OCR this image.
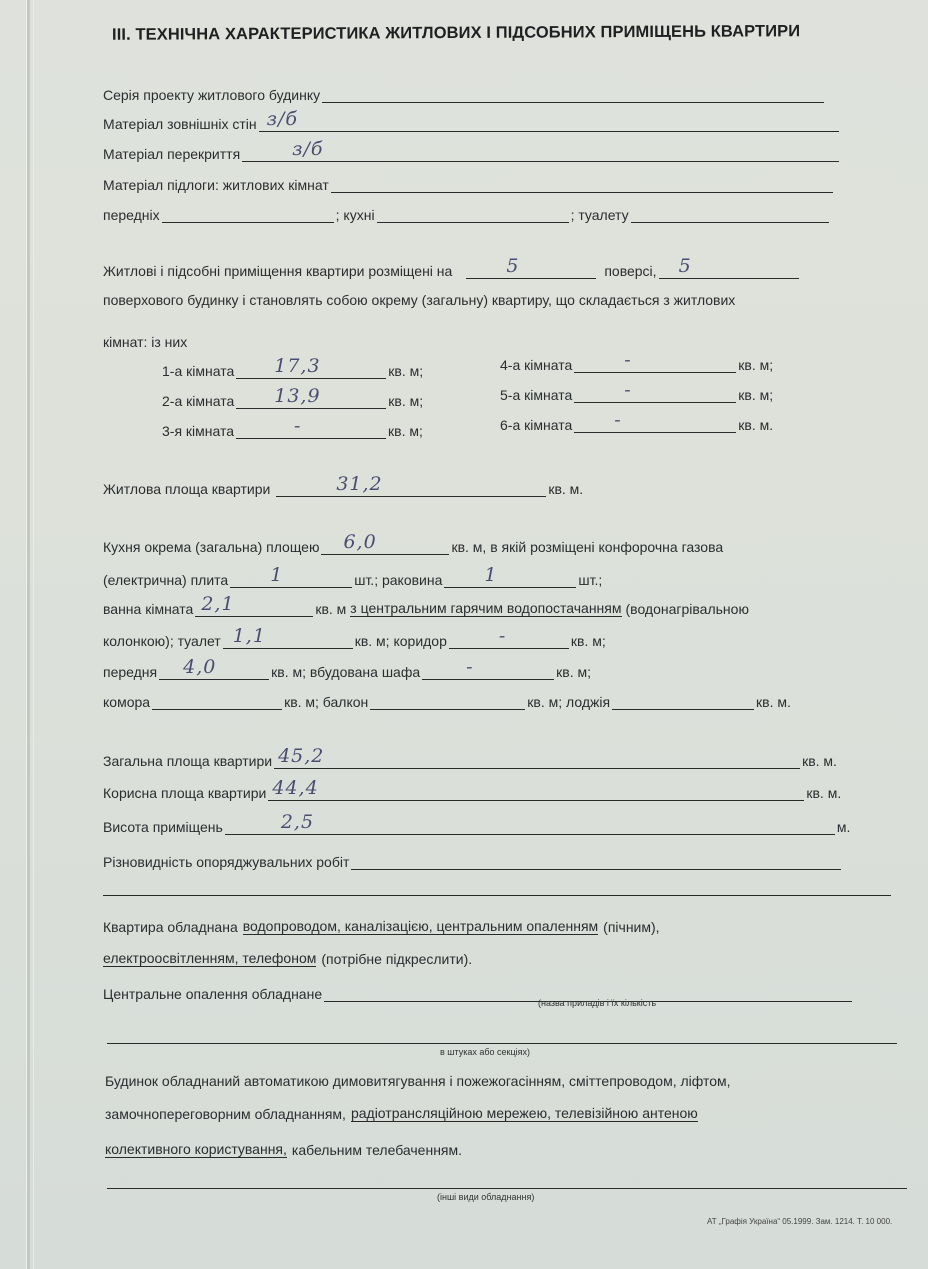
III. ТЕХНІЧНА ХАРАКТЕРИСТИКА ЖИТЛОВИХ І ПІДСОБНИХ ПРИМІЩЕНЬ КВАРТИРИ
Серія проекту житлового будинку
Матеріал зовнішніх стін з/б
Матеріал перекриття	з/б
Матеріал підлоги: житлових кімнат
передніх	; кухні	; туалету
Житлові і підсобні приміщення квартири розміщені на	5	поверсі, 5
поверхового будинку і становлять собою окрему (загальну) квартиру, що складається з житлових
кімнат: із них
1-а кімната 17,3	кв. м;
2-а кімната 13,9	кв. м;
3-я кімната	-	кв. м;
4-а кімната	-	кв. м;
5-а кімната	-	кв. м;
6-а кімната -	кв. м.
Житлова площа квартири	31,2	кв. м.
Кухня окрема (загальна) площею 6,0	кв. м, в якій розміщені конфорочна газова
(електрична) плита 1	шт.; раковина 1	шт.;
ванна кімната 2,1	кв. м з центральним гарячим водопостачанням (водонагрівальною
колонкою); туалет 1,1	кв. м; коридор	-	кв. м;
передня 4,0	кв. м; вбудована шафа -	кв. м;
комора	кв. м; балкон	кв. м; лоджія	кв. м.
Загальна площа квартири 45,2	кв. м.
Корисна площа квартири 44,4	кв. м.
Висота приміщень	2,5	м.
Різновидність опоряджувальних робіт
Квартира обладнана водопроводом, каналізацією, центральним опаленням (пічним),
електроосвітленням, телефоном (потрібне підкреслити).
Центральне опалення обладнане
(назва приладів і їх кількість
в штуках або секціях)
Будинок обладнаний автоматикою димовитягування і пожежогасінням, сміттепроводом, ліфтом,
замочнопереговорним обладнанням, радіотрансляційною мережею, телевізійною антеною
колективного користування, кабельним телебаченням.
(інші види обладнання)
АТ „Графія Україна“ 05.1999. Зам. 1214. Т. 10 000.
